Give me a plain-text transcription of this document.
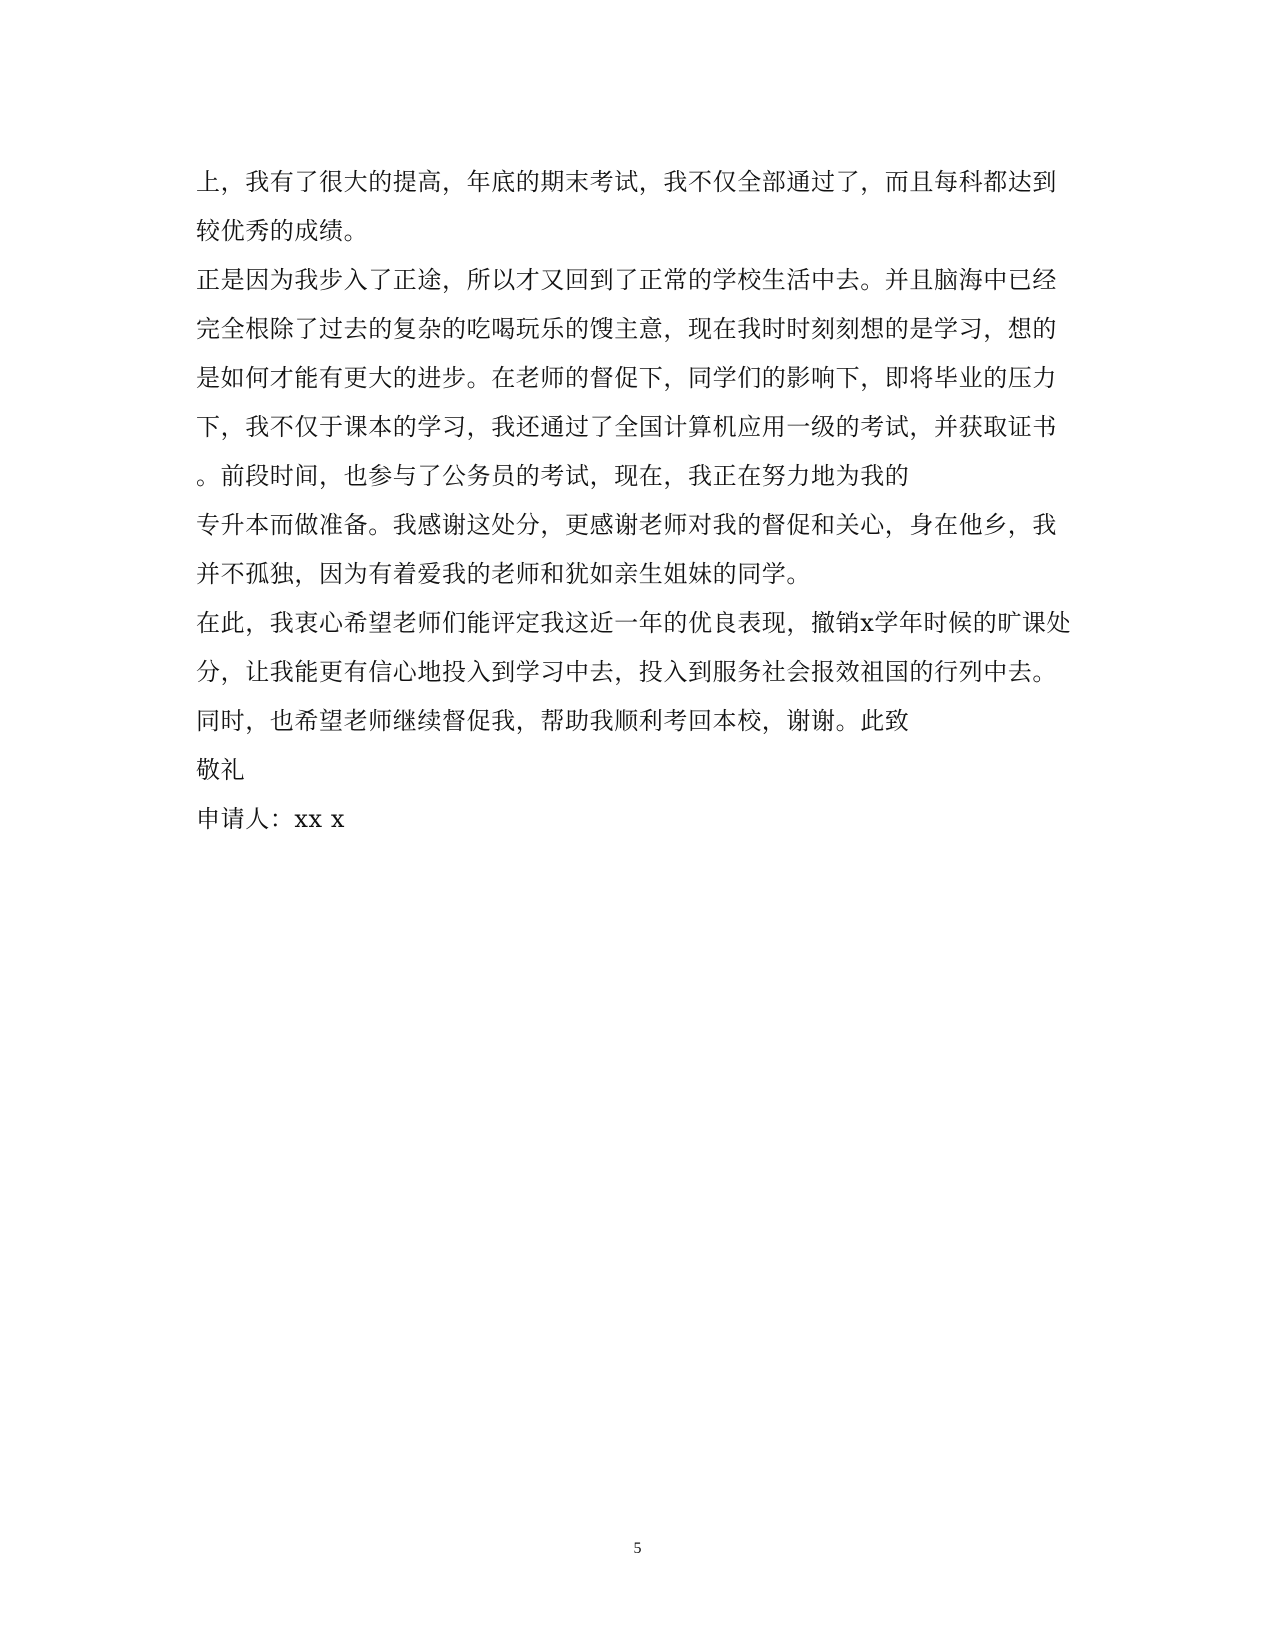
上，我有了很大的提高，年底的期末考试，我不仅全部通过了，而且每科都达到
较优秀的成绩。
正是因为我步入了正途，所以才又回到了正常的学校生活中去。并且脑海中已经
完全根除了过去的复杂的吃喝玩乐的馊主意，现在我时时刻刻想的是学习，想的
是如何才能有更大的进步。在老师的督促下，同学们的影响下，即将毕业的压力
下，我不仅于课本的学习，我还通过了全国计算机应用一级的考试，并获取证书
。前段时间，也参与了公务员的考试，现在，我正在努力地为我的
专升本而做准备。我感谢这处分，更感谢老师对我的督促和关心，身在他乡，我
并不孤独，因为有着爱我的老师和犹如亲生姐妹的同学。
在此，我衷心希望老师们能评定我这近一年的优良表现，撤销x学年时候的旷课处
分，让我能更有信心地投入到学习中去，投入到服务社会报效祖国的行列中去。
同时，也希望老师继续督促我，帮助我顺利考回本校，谢谢。此致
敬礼
申请人：xx x
5
